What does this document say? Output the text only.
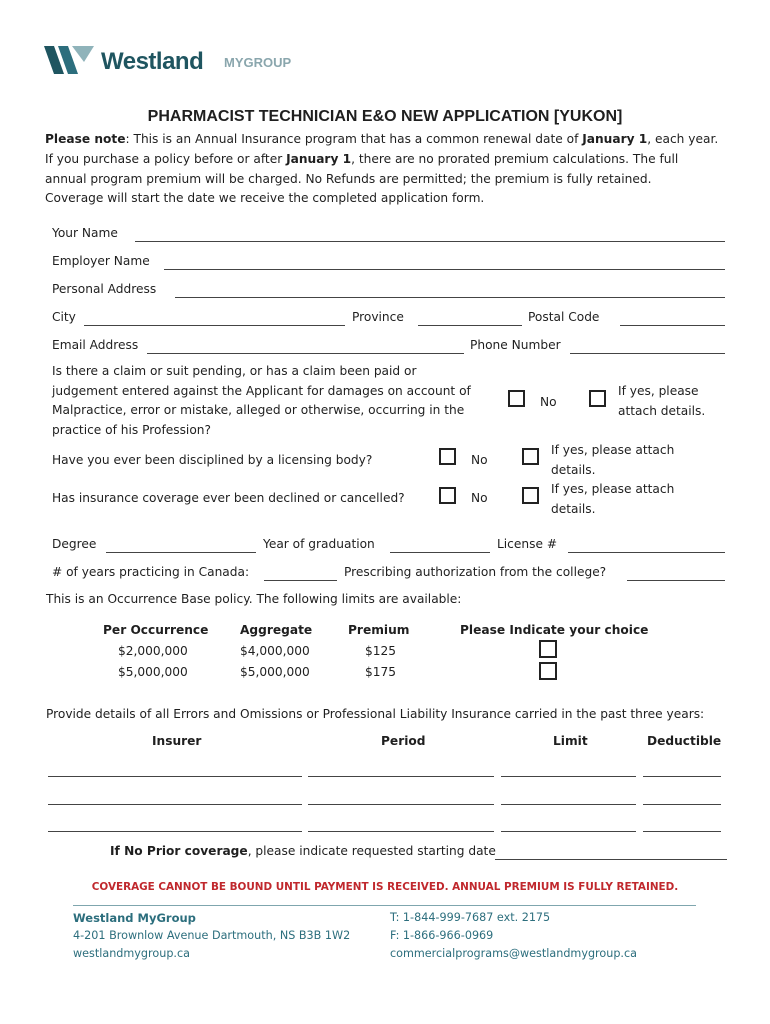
Westland MYGROUP
PHARMACIST TECHNICIAN E&O NEW APPLICATION [YUKON]
Please note: This is an Annual Insurance program that has a common renewal date of January 1, each year.
If you purchase a policy before or after January 1, there are no prorated premium calculations. The full
annual program premium will be charged. No Refunds are permitted; the premium is fully retained.
Coverage will start the date we receive the completed application form.
Your Name
Employer Name
Personal Address
City	Province	Postal Code
Email Address	Phone Number
Is there a claim or suit pending, or has a claim been paid or
judgement entered against the Applicant for damages on account of
Malpractice, error or mistake, alleged or otherwise, occurring in the
practice of his Profession?
No
If yes, please
attach details.
Have you ever been disciplined by a licensing body?	No
If yes, please attach
details.
Has insurance coverage ever been declined or cancelled?	No
If yes, please attach
details.
Degree	Year of graduation	License #
# of years practicing in Canada:	Prescribing authorization from the college?
This is an Occurrence Base policy. The following limits are available:
Per Occurrence	Aggregate	Premium	Please Indicate your choice
$2,000,000	$4,000,000	$125
$5,000,000	$5,000,000	$175
Provide details of all Errors and Omissions or Professional Liability Insurance carried in the past three years:
Insurer	Period	Limit	Deductible
If No Prior coverage, please indicate requested starting date
COVERAGE CANNOT BE BOUND UNTIL PAYMENT IS RECEIVED. ANNUAL PREMIUM IS FULLY RETAINED.
Westland MyGroup
4-201 Brownlow Avenue Dartmouth, NS B3B 1W2
westlandmygroup.ca
T: 1-844-999-7687 ext. 2175
F: 1-866-966-0969
commercialprograms@westlandmygroup.ca
